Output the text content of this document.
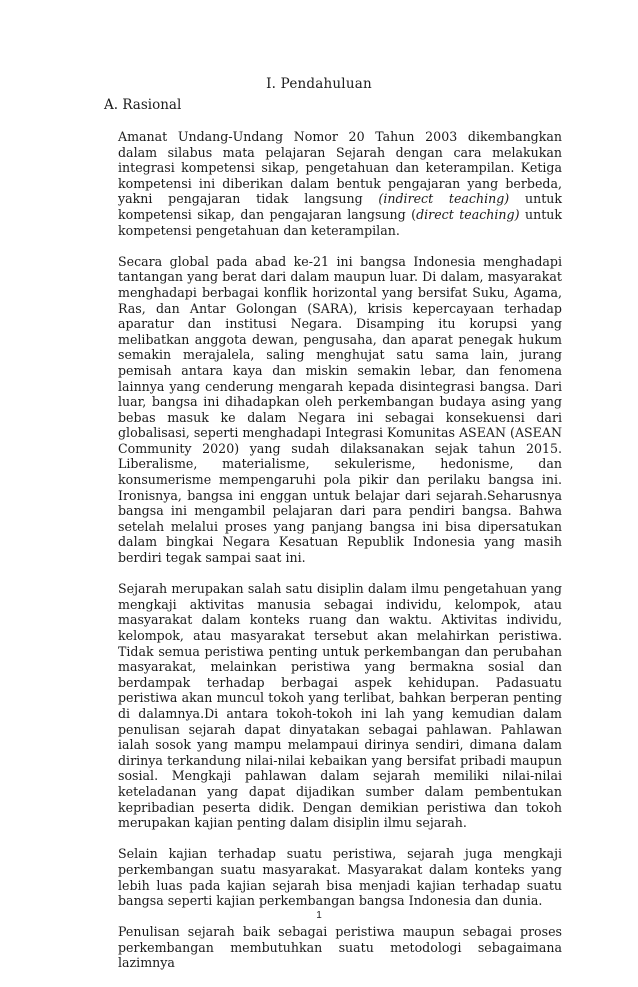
I. Pendahuluan
A. Rasional

Amanat Undang-Undang Nomor 20 Tahun 2003 dikembangkan dalam silabus mata pelajaran Sejarah dengan cara melakukan integrasi kompetensi sikap, pengetahuan dan keterampilan. Ketiga kompetensi ini diberikan dalam bentuk pengajaran yang berbeda, yakni pengajaran tidak langsung (indirect teaching) untuk kompetensi sikap, dan pengajaran langsung (direct teaching) untuk kompetensi pengetahuan dan keterampilan.

Secara global pada abad ke-21 ini bangsa Indonesia menghadapi tantangan yang berat dari dalam maupun luar. Di dalam, masyarakat menghadapi berbagai konflik horizontal yang bersifat Suku, Agama, Ras, dan Antar Golongan (SARA), krisis kepercayaan terhadap aparatur dan institusi Negara. Disamping itu korupsi yang melibatkan anggota dewan, pengusaha, dan aparat penegak hukum semakin merajalela, saling menghujat satu sama lain, jurang pemisah antara kaya dan miskin semakin lebar, dan fenomena lainnya yang cenderung mengarah kepada disintegrasi bangsa. Dari luar, bangsa ini dihadapkan oleh perkembangan budaya asing yang bebas masuk ke dalam Negara ini sebagai konsekuensi dari globalisasi, seperti menghadapi Integrasi Komunitas ASEAN (ASEAN Community 2020) yang sudah dilaksanakan sejak tahun 2015. Liberalisme, materialisme, sekulerisme, hedonisme, dan konsumerisme mempengaruhi pola pikir dan perilaku bangsa ini. Ironisnya, bangsa ini enggan untuk belajar dari sejarah.Seharusnya bangsa ini mengambil pelajaran dari para pendiri bangsa. Bahwa setelah melalui proses yang panjang bangsa ini bisa dipersatukan dalam bingkai Negara Kesatuan Republik Indonesia yang masih berdiri tegak sampai saat ini.

Sejarah merupakan salah satu disiplin dalam ilmu pengetahuan yang mengkaji aktivitas manusia sebagai individu, kelompok, atau masyarakat dalam konteks ruang dan waktu. Aktivitas individu, kelompok, atau masyarakat tersebut akan melahirkan peristiwa. Tidak semua peristiwa penting untuk perkembangan dan perubahan masyarakat, melainkan peristiwa yang bermakna sosial dan berdampak terhadap berbagai aspek kehidupan. Padasuatu peristiwa akan muncul tokoh yang terlibat, bahkan berperan penting di dalamnya.Di antara tokoh-tokoh ini lah yang kemudian dalam penulisan sejarah dapat dinyatakan sebagai pahlawan. Pahlawan ialah sosok yang mampu melampaui dirinya sendiri, dimana dalam dirinya terkandung nilai-nilai kebaikan yang bersifat pribadi maupun sosial. Mengkaji pahlawan dalam sejarah memiliki nilai-nilai keteladanan yang dapat dijadikan sumber dalam pembentukan kepribadian peserta didik. Dengan demikian peristiwa dan tokoh merupakan kajian penting dalam disiplin ilmu sejarah.

Selain kajian terhadap suatu peristiwa, sejarah juga mengkaji perkembangan suatu masyarakat. Masyarakat dalam konteks yang lebih luas pada kajian sejarah bisa menjadi kajian terhadap suatu bangsa seperti kajian perkembangan bangsa Indonesia dan dunia.

Penulisan sejarah baik sebagai peristiwa maupun sebagai proses perkembangan membutuhkan suatu metodologi sebagaimana lazimnya

1
